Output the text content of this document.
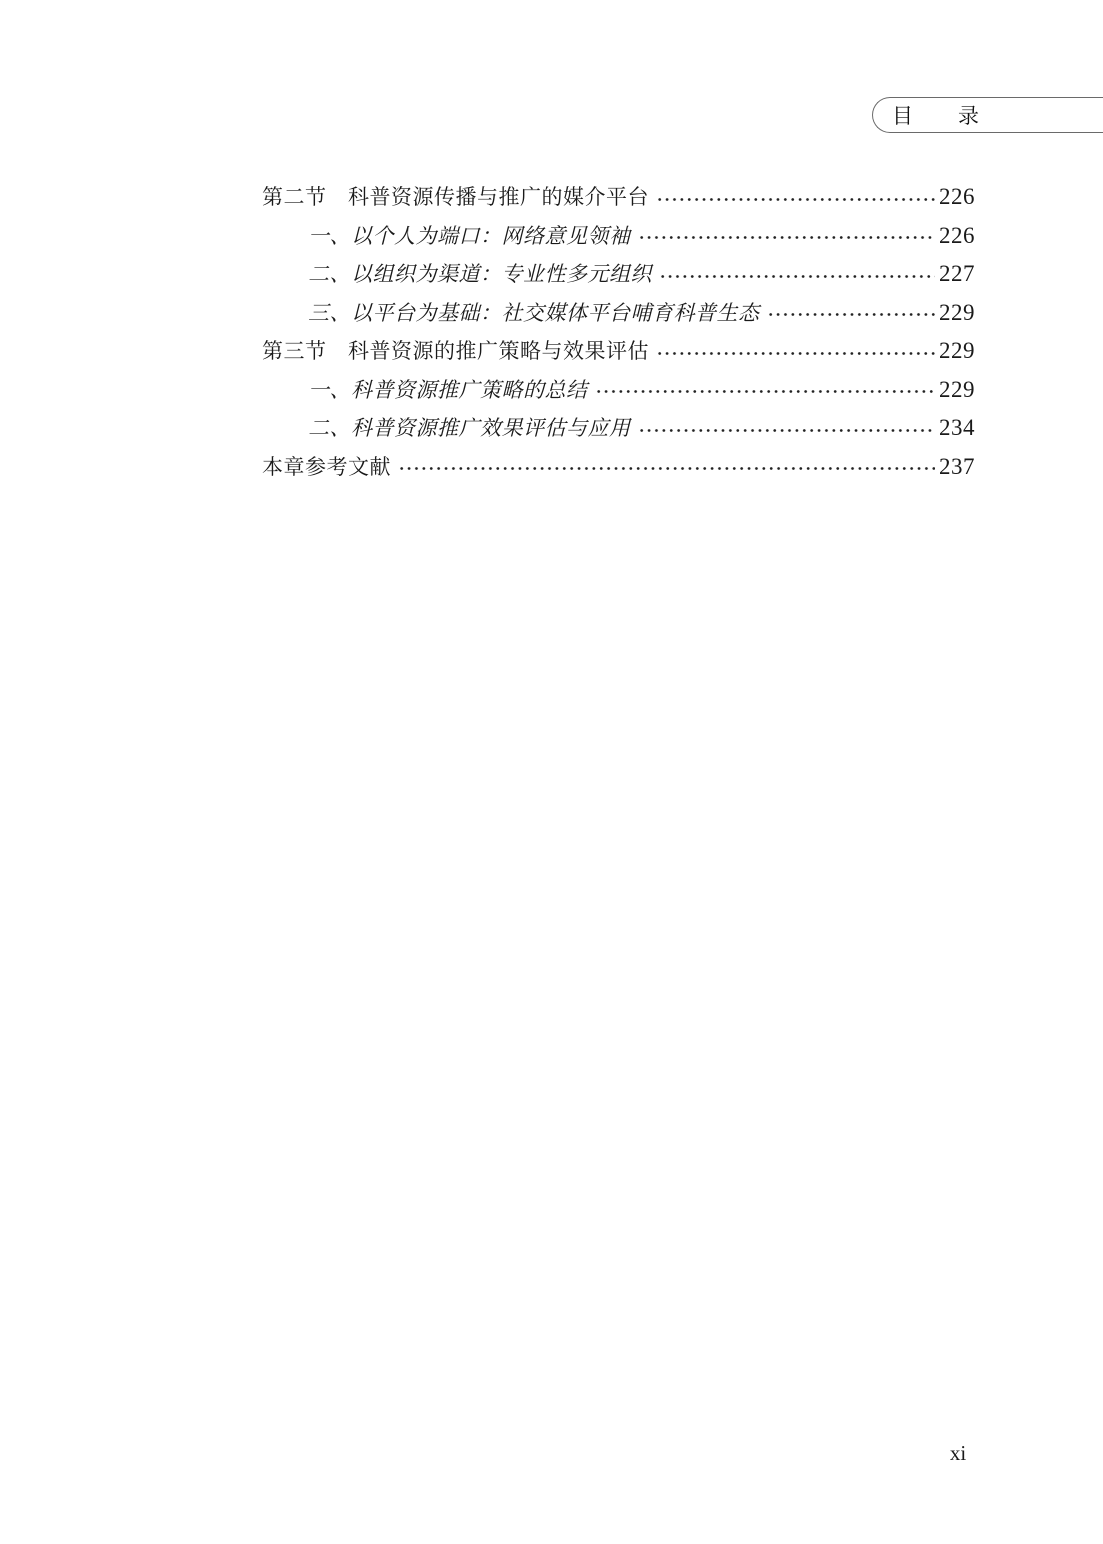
目　　录
第二节　科普资源传播与推广的媒介平台	226
一、以个人为端口：网络意见领袖	226
二、以组织为渠道：专业性多元组织	227
三、以平台为基础：社交媒体平台哺育科普生态	229
第三节　科普资源的推广策略与效果评估	229
一、科普资源推广策略的总结	229
二、科普资源推广效果评估与应用	234
本章参考文献	237
xi
